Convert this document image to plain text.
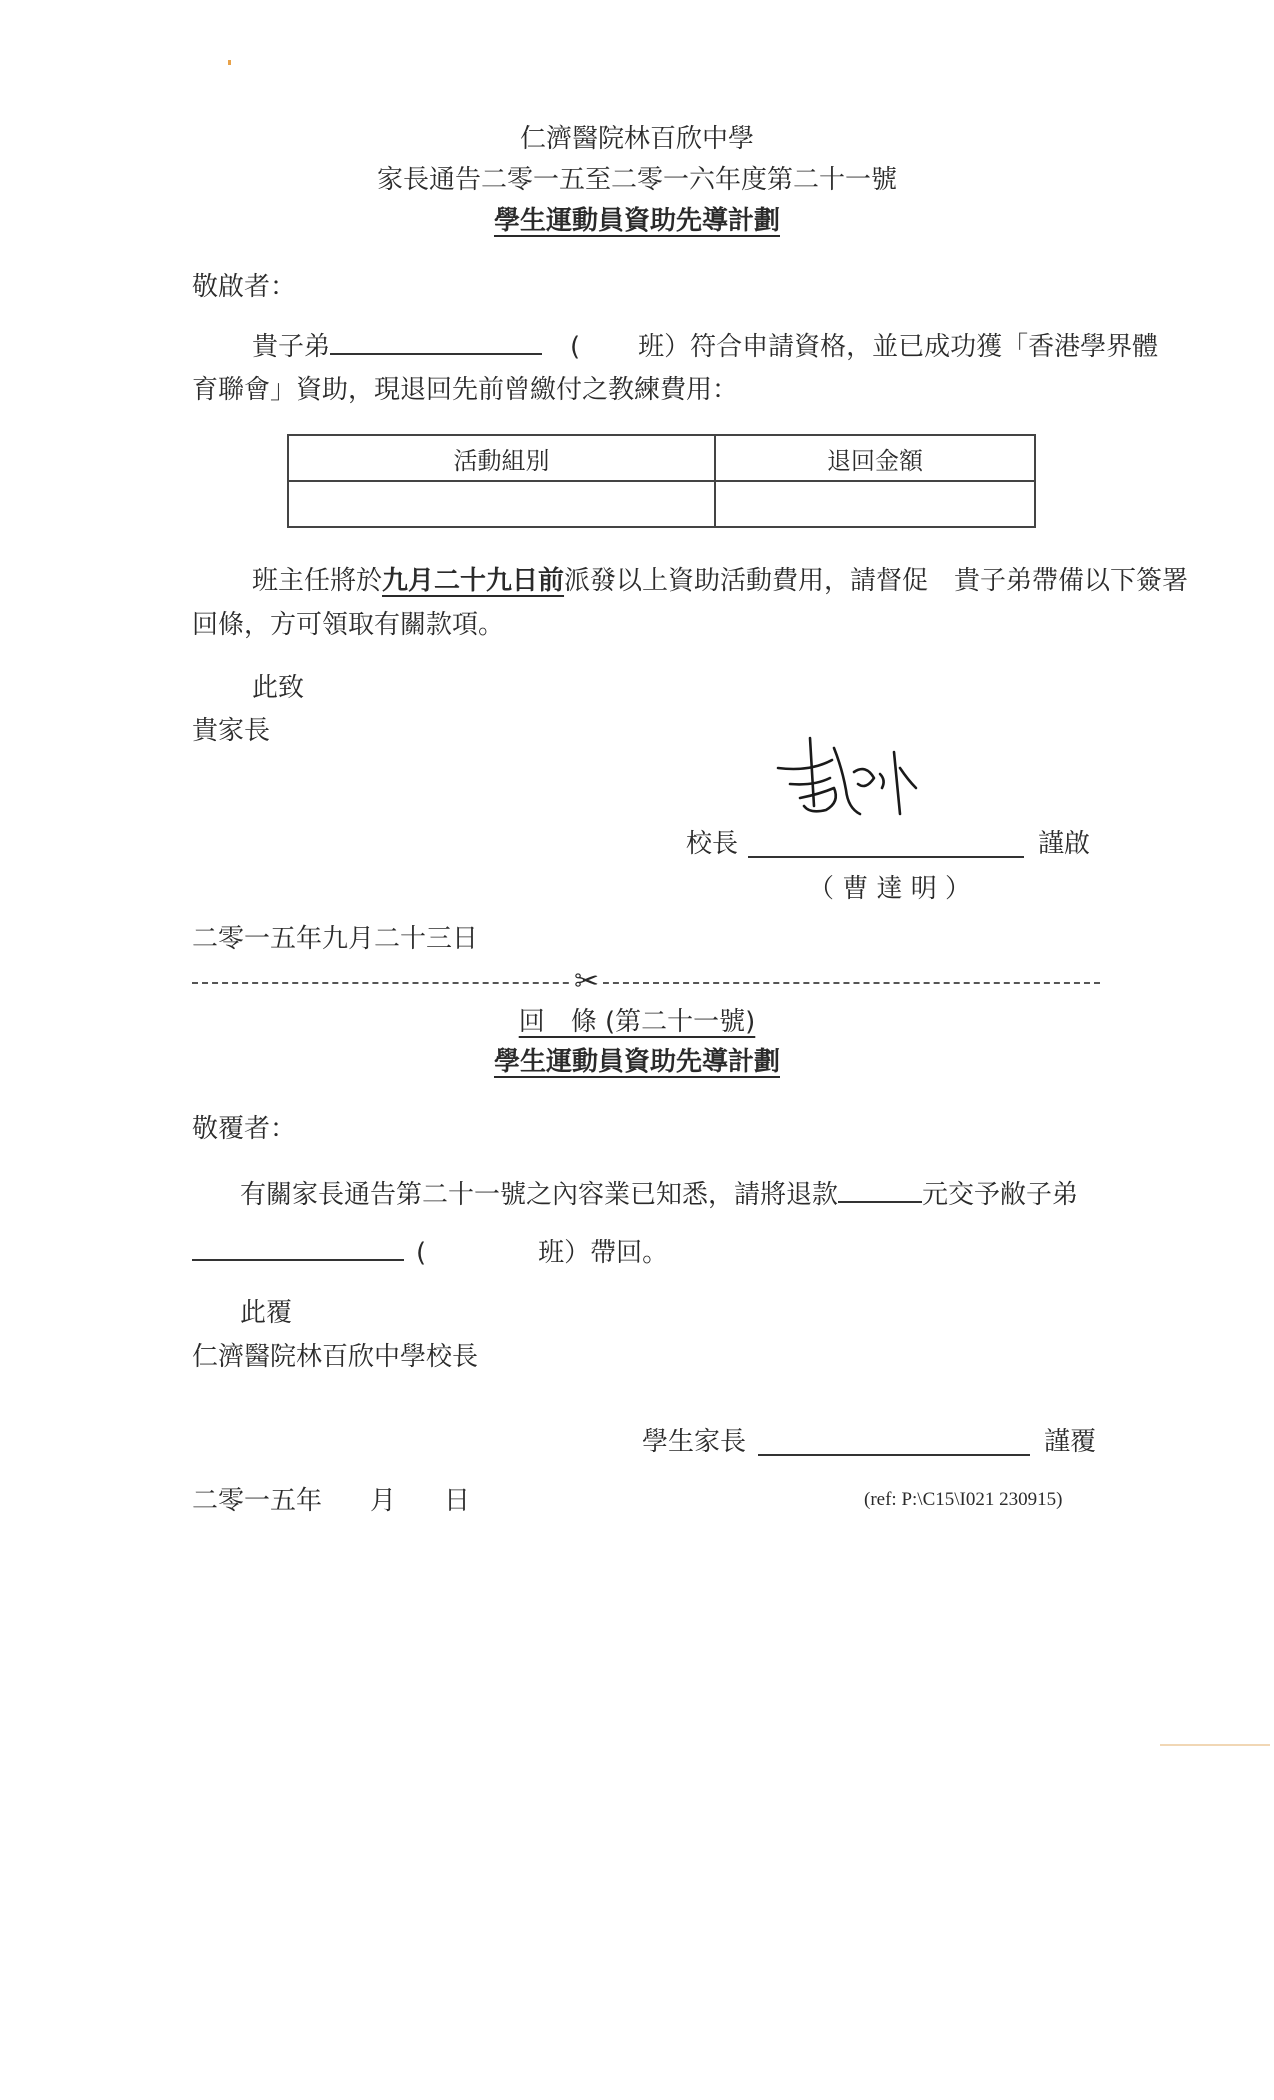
仁濟醫院林百欣中學
家長通告二零一五至二零一六年度第二十一號
學生運動員資助先導計劃
敬啟者：
貴子弟	( 班）符合申請資格，並已成功獲「香港學界體
育聯會」資助，現退回先前曾繳付之教練費用：
活動組別	退回金額

班主任將於九月二十九日前派發以上資助活動費用，請督促　貴子弟帶備以下簽署
回條，方可領取有關款項。
此致
貴家長
校長	謹啟
（ 曹 達 明 ）
二零一五年九月二十三日
✂
回　條 (第二十一號)
學生運動員資助先導計劃
敬覆者：
有關家長通告第二十一號之內容業已知悉，請將退款	元交予敝子弟
(	班）帶回。
此覆
仁濟醫院林百欣中學校長
學生家長	謹覆
二零一五年 月 日	(ref: P:\C15\I021 230915)
